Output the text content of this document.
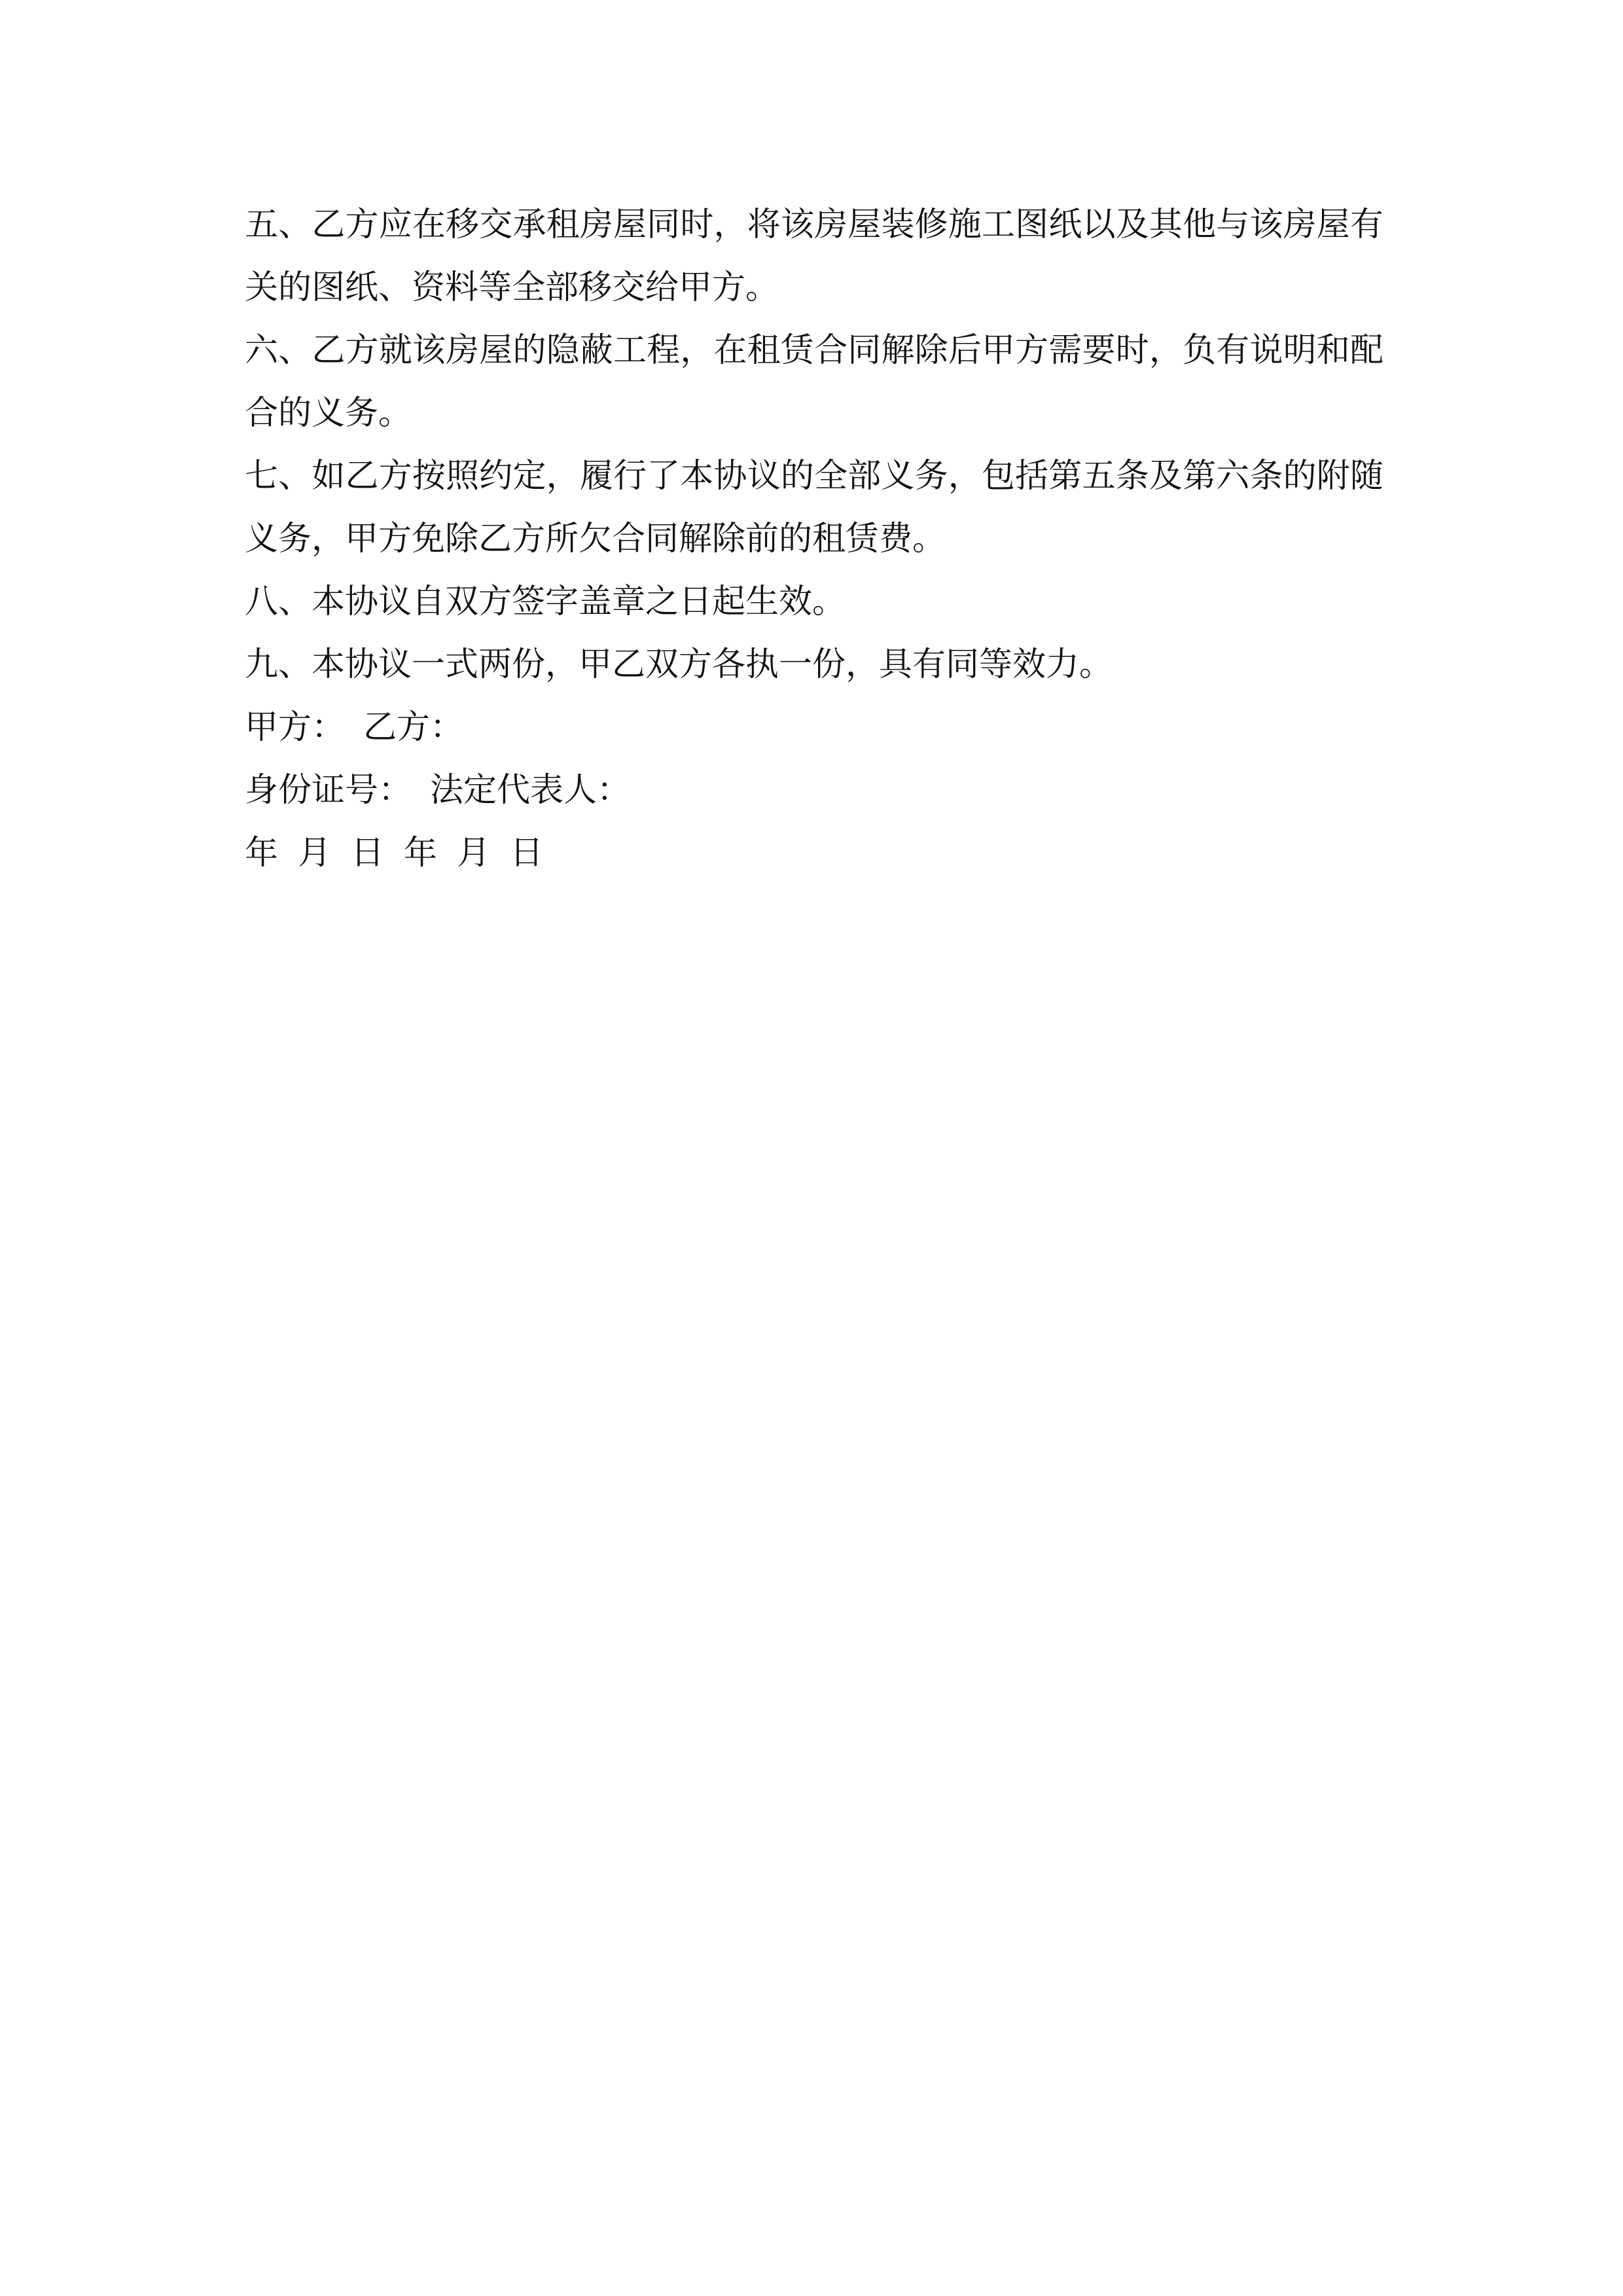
五、乙方应在移交承租房屋同时，将该房屋装修施工图纸以及其他与该房屋有关的图纸、资料等全部移交给甲方。

六、乙方就该房屋的隐蔽工程，在租赁合同解除后甲方需要时，负有说明和配合的义务。

七、如乙方按照约定，履行了本协议的全部义务，包括第五条及第六条的附随义务，甲方免除乙方所欠合同解除前的租赁费。

八、本协议自双方签字盖章之日起生效。

九、本协议一式两份，甲乙双方各执一份，具有同等效力。

甲方： 乙方：

身份证号： 法定代表人：

年 月 日 年 月 日
